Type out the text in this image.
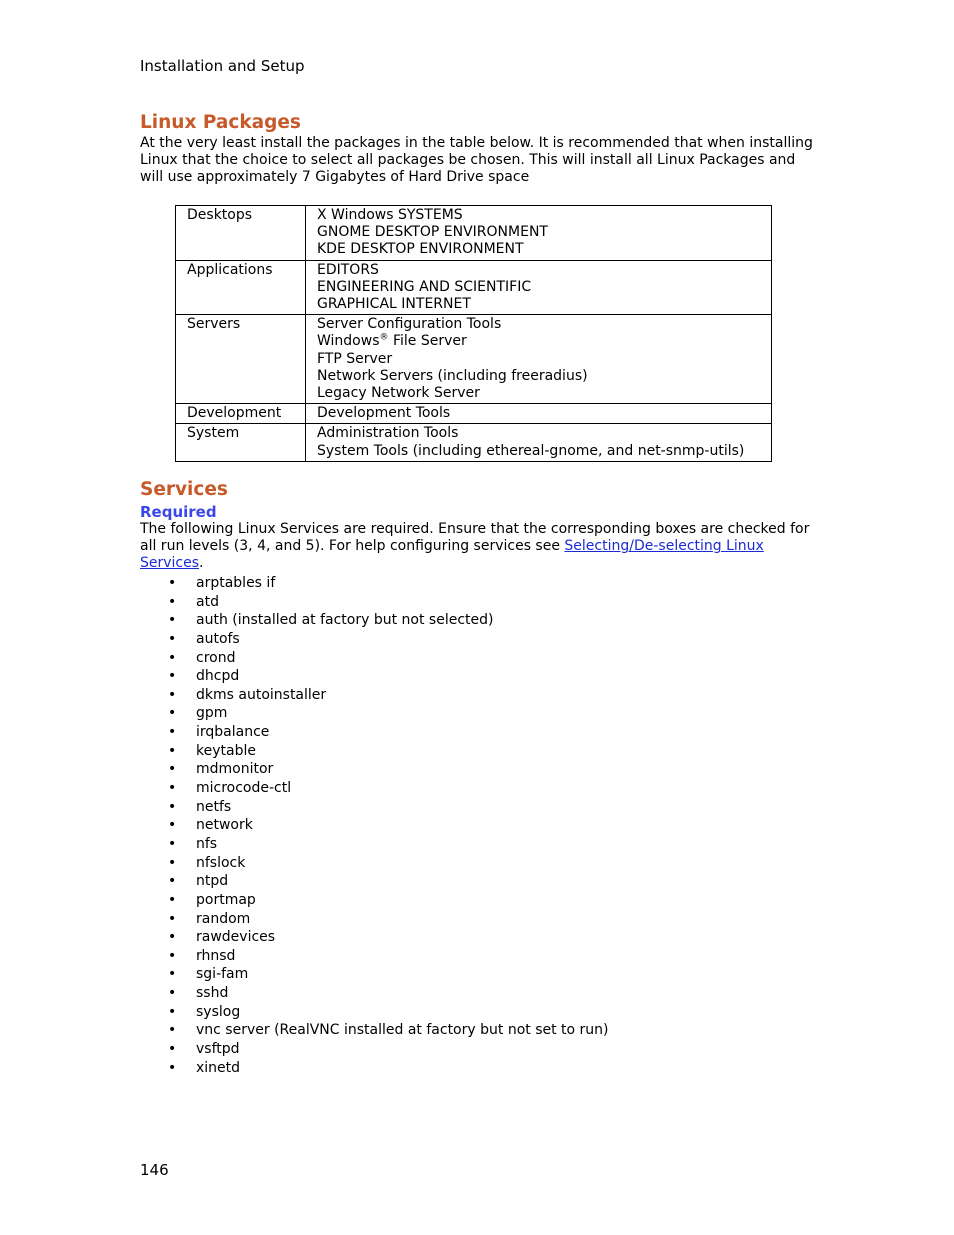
Installation and Setup
Linux Packages

At the very least install the packages in the table below. It is recommended that when installing Linux that the choice to select all packages be chosen. This will install all Linux Packages and will use approximately 7 Gigabytes of Hard Drive space

Desktops	X Windows SYSTEMS
GNOME DESKTOP ENVIRONMENT
KDE DESKTOP ENVIRONMENT

Applications	EDITORS
ENGINEERING AND SCIENTIFIC
GRAPHICAL INTERNET

Servers	Server Configuration Tools
Windows® File Server
FTP Server
Network Servers (including freeradius)
Legacy Network Server

Development	Development Tools

System	Administration Tools
System Tools (including ethereal-gnome, and net-snmp-utils)
Services
Required

The following Linux Services are required. Ensure that the corresponding boxes are checked for all run levels (3, 4, and 5). For help configuring services see Selecting/De-selecting Linux Services.

• arptables if
• atd
• auth (installed at factory but not selected)
• autofs
• crond
• dhcpd
• dkms autoinstaller
• gpm
• irqbalance
• keytable
• mdmonitor
• microcode-ctl
• netfs
• network
• nfs
• nfslock
• ntpd
• portmap
• random
• rawdevices
• rhnsd
• sgi-fam
• sshd
• syslog
• vnc server (RealVNC installed at factory but not set to run)
• vsftpd
• xinetd
146
